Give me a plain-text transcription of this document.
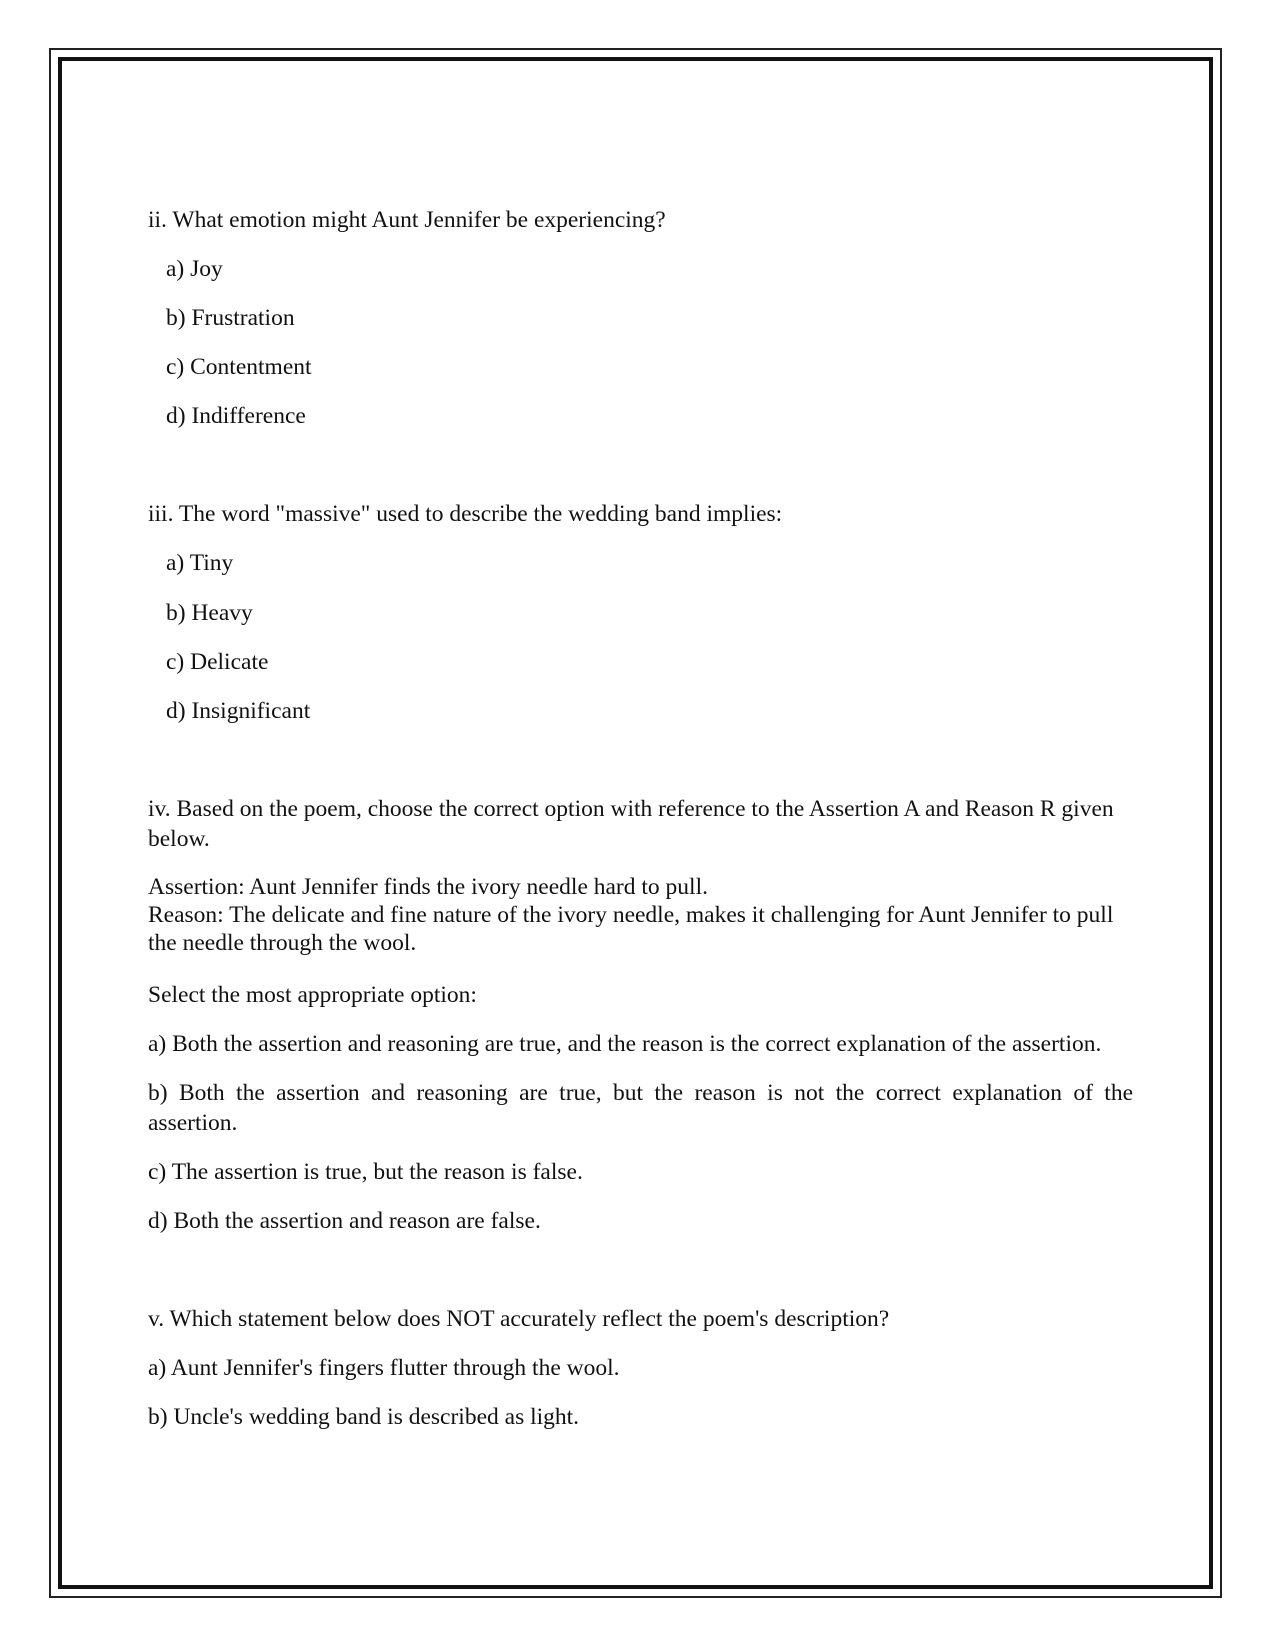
ii. What emotion might Aunt Jennifer be experiencing?

a) Joy

b) Frustration

c) Contentment

d) Indifference

iii. The word "massive" used to describe the wedding band implies:

a) Tiny

b) Heavy

c) Delicate

d) Insignificant

iv. Based on the poem, choose the correct option with reference to the Assertion A and Reason R given below.

Assertion: Aunt Jennifer finds the ivory needle hard to pull.

Reason: The delicate and fine nature of the ivory needle, makes it challenging for Aunt Jennifer to pull the needle through the wool.

Select the most appropriate option:

a) Both the assertion and reasoning are true, and the reason is the correct explanation of the assertion.

b) Both the assertion and reasoning are true, but the reason is not the correct explanation of the assertion.

c) The assertion is true, but the reason is false.

d) Both the assertion and reason are false.

v. Which statement below does NOT accurately reflect the poem's description?

a) Aunt Jennifer's fingers flutter through the wool.

b) Uncle's wedding band is described as light.
